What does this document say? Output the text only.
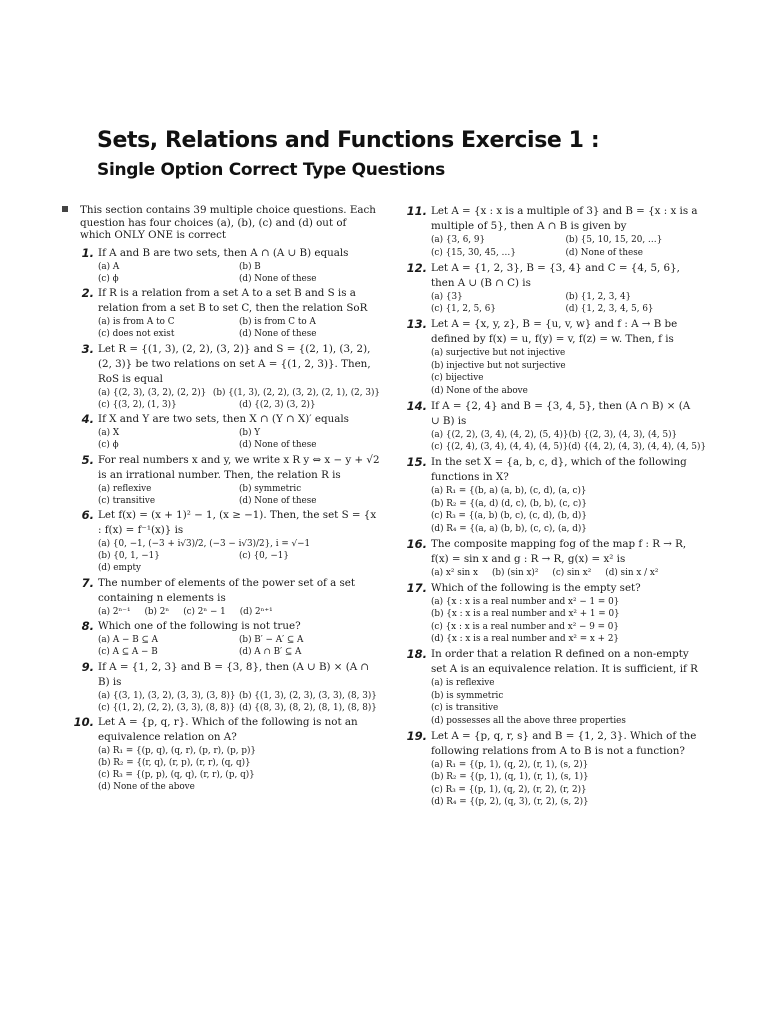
Sets, Relations and Functions Exercise 1 :
Single Option Correct Type Questions
This section contains 39 multiple choice questions. Each question has four choices (a), (b), (c) and (d) out of which ONLY ONE is correct
1. If A and B are two sets, then A ∩ (A ∪ B) equals
(a) A	(b) B
(c) ϕ	(d) None of these
2. If R is a relation from a set A to a set B and S is a relation from a set B to set C, then the relation SoR
(a) is from A to C	(b) is from C to A
(c) does not exist	(d) None of these
3. Let R = {(1, 3), (2, 2), (3, 2)} and S = {(2, 1), (3, 2), (2, 3)} be two relations on set A = {(1, 2, 3)}. Then, RoS is equal
(a) {(2, 3), (3, 2), (2, 2)} (b) {(1, 3), (2, 2), (3, 2), (2, 1), (2, 3)}
(c) {(3, 2), (1, 3)}	(d) {(2, 3) (3, 2)}
4. If X and Y are two sets, then X ∩ (Y ∩ X)′ equals
(a) X	(b) Y
(c) ϕ	(d) None of these
5. For real numbers x and y, we write x R y ⇔ x − y + √2 is an irrational number. Then, the relation R is
(a) reflexive	(b) symmetric
(c) transitive	(d) None of these
6. Let f(x) = (x + 1)² − 1, (x ≥ −1). Then, the set S = {x : f(x) = f⁻¹(x)} is
(a) {0, −1, (−3 + i√3)/2, (−3 − i√3)/2}, i = √−1
(b) {0, 1, −1}	(c) {0, −1}
(d) empty
7. The number of elements of the power set of a set containing n elements is
(a) 2ⁿ⁻¹ (b) 2ⁿ (c) 2ⁿ − 1 (d) 2ⁿ⁺¹
8. Which one of the following is not true?
(a) A − B ⊆ A	(b) B′ − A′ ⊆ A
(c) A ⊆ A − B	(d) A ∩ B′ ⊆ A
9. If A = {1, 2, 3} and B = {3, 8}, then (A ∪ B) × (A ∩ B) is
(a) {(3, 1), (3, 2), (3, 3), (3, 8)} (b) {(1, 3), (2, 3), (3, 3), (8, 3)}
(c) {(1, 2), (2, 2), (3, 3), (8, 8)} (d) {(8, 3), (8, 2), (8, 1), (8, 8)}
10. Let A = {p, q, r}. Which of the following is not an equivalence relation on A?
(a) R₁ = {(p, q), (q, r), (p, r), (p, p)}
(b) R₂ = {(r, q), (r, p), (r, r), (q, q)}
(c) R₃ = {(p, p), (q, q), (r, r), (p, q)}
(d) None of the above
11. Let A = {x : x is a multiple of 3} and B = {x : x is a multiple of 5}, then A ∩ B is given by
(a) {3, 6, 9}	(b) {5, 10, 15, 20, …}
(c) {15, 30, 45, …}	(d) None of these
12. Let A = {1, 2, 3}, B = {3, 4} and C = {4, 5, 6}, then A ∪ (B ∩ C) is
(a) {3}	(b) {1, 2, 3, 4}
(c) {1, 2, 5, 6}	(d) {1, 2, 3, 4, 5, 6}
13. Let A = {x, y, z}, B = {u, v, w} and f : A → B be defined by f(x) = u, f(y) = v, f(z) = w. Then, f is
(a) surjective but not injective
(b) injective but not surjective
(c) bijective
(d) None of the above
14. If A = {2, 4} and B = {3, 4, 5}, then (A ∩ B) × (A ∪ B) is
(a) {(2, 2), (3, 4), (4, 2), (5, 4)} (b) {(2, 3), (4, 3), (4, 5)}
(c) {(2, 4), (3, 4), (4, 4), (4, 5)} (d) {(4, 2), (4, 3), (4, 4), (4, 5)}
15. In the set X = {a, b, c, d}, which of the following functions in X?
(a) R₁ = {(b, a) (a, b), (c, d), (a, c)}
(b) R₂ = {(a, d) (d, c), (b, b), (c, c)}
(c) R₃ = {(a, b) (b, c), (c, d), (b, d)}
(d) R₄ = {(a, a) (b, b), (c, c), (a, d)}
16. The composite mapping fog of the map f : R → R, f(x) = sin x and g : R → R, g(x) = x² is
(a) x² sin x (b) (sin x)² (c) sin x² (d) sin x / x²
17. Which of the following is the empty set?
(a) {x : x is a real number and x² − 1 = 0}
(b) {x : x is a real number and x² + 1 = 0}
(c) {x : x is a real number and x² − 9 = 0}
(d) {x : x is a real number and x² = x + 2}
18. In order that a relation R defined on a non-empty set A is an equivalence relation. It is sufficient, if R
(a) is reflexive
(b) is symmetric
(c) is transitive
(d) possesses all the above three properties
19. Let A = {p, q, r, s} and B = {1, 2, 3}. Which of the following relations from A to B is not a function?
(a) R₁ = {(p, 1), (q, 2), (r, 1), (s, 2)}
(b) R₂ = {(p, 1), (q, 1), (r, 1), (s, 1)}
(c) R₃ = {(p, 1), (q, 2), (r, 2), (r, 2)}
(d) R₄ = {(p, 2), (q, 3), (r, 2), (s, 2)}
